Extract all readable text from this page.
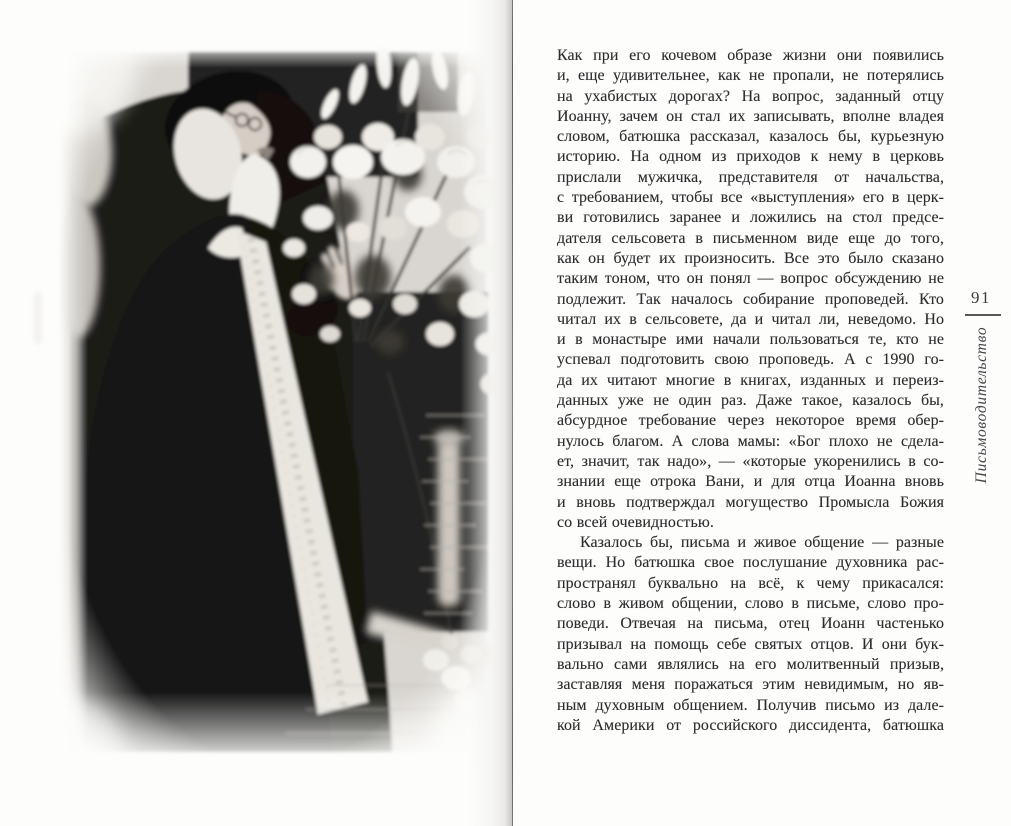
Как при его кочевом образе жизни они появились
и, еще удивительнее, как не пропали, не потерялись
на ухабистых дорогах? На вопрос, заданный отцу
Иоанну, зачем он стал их записывать, вполне владея
словом, батюшка рассказал, казалось бы, курьезную
историю. На одном из приходов к нему в церковь
прислали мужичка, представителя от начальства,
с требованием, чтобы все «выступления» его в церк-
ви готовились заранее и ложились на стол предсе-
дателя сельсовета в письменном виде еще до того,
как он будет их произносить. Все это было сказано
таким тоном, что он понял — вопрос обсуждению не
подлежит. Так началось собирание проповедей. Кто
читал их в сельсовете, да и читал ли, неведомо. Но
и в монастыре ими начали пользоваться те, кто не
успевал подготовить свою проповедь. А с 1990 го-
да их читают многие в книгах, изданных и переиз-
данных уже не один раз. Даже такое, казалось бы,
абсурдное требование через некоторое время обер-
нулось благом. А слова мамы: «Бог плохо не сдела-
ет, значит, так надо», — «которые укоренились в со-
знании еще отрока Вани, и для отца Иоанна вновь
и вновь подтверждал могущество Промысла Божия
со всей очевидностью.
Казалось бы, письма и живое общение — разные
вещи. Но батюшка свое послушание духовника рас-
пространял буквально на всё, к чему прикасался:
слово в живом общении, слово в письме, слово про-
поведи. Отвечая на письма, отец Иоанн частенько
призывал на помощь себе святых отцов. И они бук-
вально сами являлись на его молитвенный призыв,
заставляя меня поражаться этим невидимым, но яв-
ным духовным общением. Получив письмо из дале-
кой Америки от российского диссидента, батюшка
91
Письмоводительство
